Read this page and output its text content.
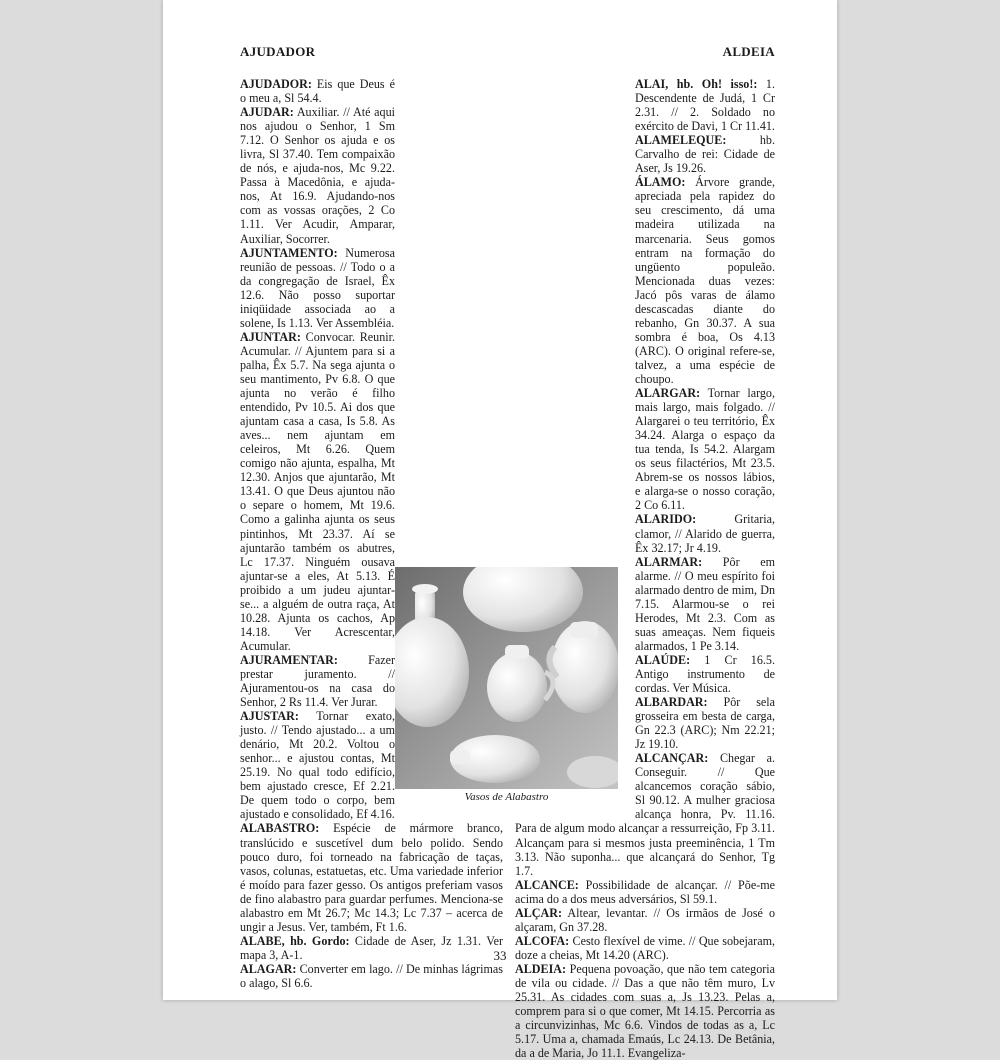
AJUDADOR	ALDEIA
Vasos de Alabastro

AJUDADOR: Eis que Deus é o meu a, Sl 54.4.

AJUDAR: Auxiliar. // Até aqui nos ajudou o Senhor, 1 Sm 7.12. O Senhor os ajuda e os livra, Sl 37.40. Tem compaixão de nós, e ajuda-nos, Mc 9.22. Passa à Macedônia, e ajuda-nos, At 16.9. Ajudando-nos com as vossas orações, 2 Co 1.11. Ver Acudir, Amparar, Auxiliar, Socorrer.

AJUNTAMENTO: Numerosa reunião de pessoas. // Todo o a da congregação de Israel, Êx 12.6. Não posso suportar iniqüidade associada ao a solene, Is 1.13. Ver Assembléia.

AJUNTAR: Convocar. Reunir. Acumular. // Ajuntem para si a palha, Êx 5.7. Na sega ajunta o seu mantimento, Pv 6.8. O que ajunta no verão é filho entendido, Pv 10.5. Ai dos que ajuntam casa a casa, Is 5.8. As aves... nem ajuntam em celeiros, Mt 6.26. Quem comigo não ajunta, espalha, Mt 12.30. Anjos que ajuntarão, Mt 13.41. O que Deus ajuntou não o separe o homem, Mt 19.6. Como a galinha ajunta os seus pintinhos, Mt 23.37. Aí se ajuntarão também os abutres, Lc 17.37. Ninguém ousava ajuntar-se a eles, At 5.13. É proibido a um judeu ajuntar-se... a alguém de outra raça, At 10.28. Ajunta os cachos, Ap 14.18. Ver Acrescentar, Acumular.

AJURAMENTAR: Fazer prestar juramento. // Ajuramentou-os na casa do Senhor, 2 Rs 11.4. Ver Jurar.

AJUSTAR: Tornar exato, justo. // Tendo ajustado... a um denário, Mt 20.2. Voltou o senhor... e ajustou contas, Mt 25.19. No qual todo edifício, bem ajustado cresce, Ef 2.21. De quem todo o corpo, bem ajustado e consolidado, Ef 4.16.

ALABASTRO: Espécie de mármore branco, translúcido e suscetível dum belo polido. Sendo pouco duro, foi torneado na fabricação de taças, vasos, colunas, estatuetas, etc. Uma variedade inferior é moído para fazer gesso. Os antigos preferiam vasos de fino alabastro para guardar perfumes. Menciona-se alabastro em Mt 26.7; Mc 14.3; Lc 7.37 – acerca de ungir a Jesus. Ver, também, Ft 1.6.

ALABE, hb. Gordo: Cidade de Aser, Jz 1.31. Ver mapa 3, A-1.

ALAGAR: Converter em lago. // De minhas lágrimas o alago, Sl 6.6.

ALAI, hb. Oh! isso!: 1. Descendente de Judá, 1 Cr 2.31. // 2. Soldado no exército de Davi, 1 Cr 11.41.

ALAMELEQUE: hb. Carvalho de rei: Cidade de Aser, Js 19.26.

ÁLAMO: Árvore grande, apreciada pela rapidez do seu crescimento, dá uma madeira utilizada na marcenaria. Seus gomos entram na formação do ungüento populeão. Mencionada duas vezes: Jacó pôs varas de álamo descascadas diante do rebanho, Gn 30.37. A sua sombra é boa, Os 4.13 (ARC). O original refere-se, talvez, a uma espécie de choupo.

ALARGAR: Tornar largo, mais largo, mais folgado. // Alargarei o teu território, Êx 34.24. Alarga o espaço da tua tenda, Is 54.2. Alargam os seus filactérios, Mt 23.5. Abrem-se os nossos lábios, e alarga-se o nosso coração, 2 Co 6.11.

ALARIDO: Gritaria, clamor, // Alarido de guerra, Êx 32.17; Jr 4.19.

ALARMAR: Pôr em alarme. // O meu espírito foi alarmado dentro de mim, Dn 7.15. Alarmou-se o rei Herodes, Mt 2.3. Com as suas ameaças. Nem fiqueis alarmados, 1 Pe 3.14.

ALAÚDE: 1 Cr 16.5. Antigo instrumento de cordas. Ver Música.

ALBARDAR: Pôr sela grosseira em besta de carga, Gn 22.3 (ARC); Nm 22.21; Jz 19.10.

ALCANÇAR: Chegar a. Conseguir. // Que alcancemos coração sábio, Sl 90.12. A mulher graciosa alcança honra, Pv. 11.16. Para de algum modo alcançar a ressurreição, Fp 3.11. Alcançam para si mesmos justa preeminência, 1 Tm 3.13. Não suponha... que alcançará do Senhor, Tg 1.7.

ALCANCE: Possibilidade de alcançar. // Põe-me acima do a dos meus adversários, Sl 59.1.

ALÇAR: Altear, levantar. // Os irmãos de José o alçaram, Gn 37.28.

ALCOFA: Cesto flexível de vime. // Que sobejaram, doze a cheias, Mt 14.20 (ARC).

ALDEIA: Pequena povoação, que não tem categoria de vila ou cidade. // Das a que não têm muro, Lv 25.31. As cidades com suas a, Js 13.23. Pelas a, comprem para si o que comer, Mt 14.15. Percorria as a circunvizinhas, Mc 6.6. Vindos de todas as a, Lc 5.17. Uma a, chamada Emaús, Lc 24.13. De Betânia, da a de Maria, Jo 11.1. Evangeliza-

33
